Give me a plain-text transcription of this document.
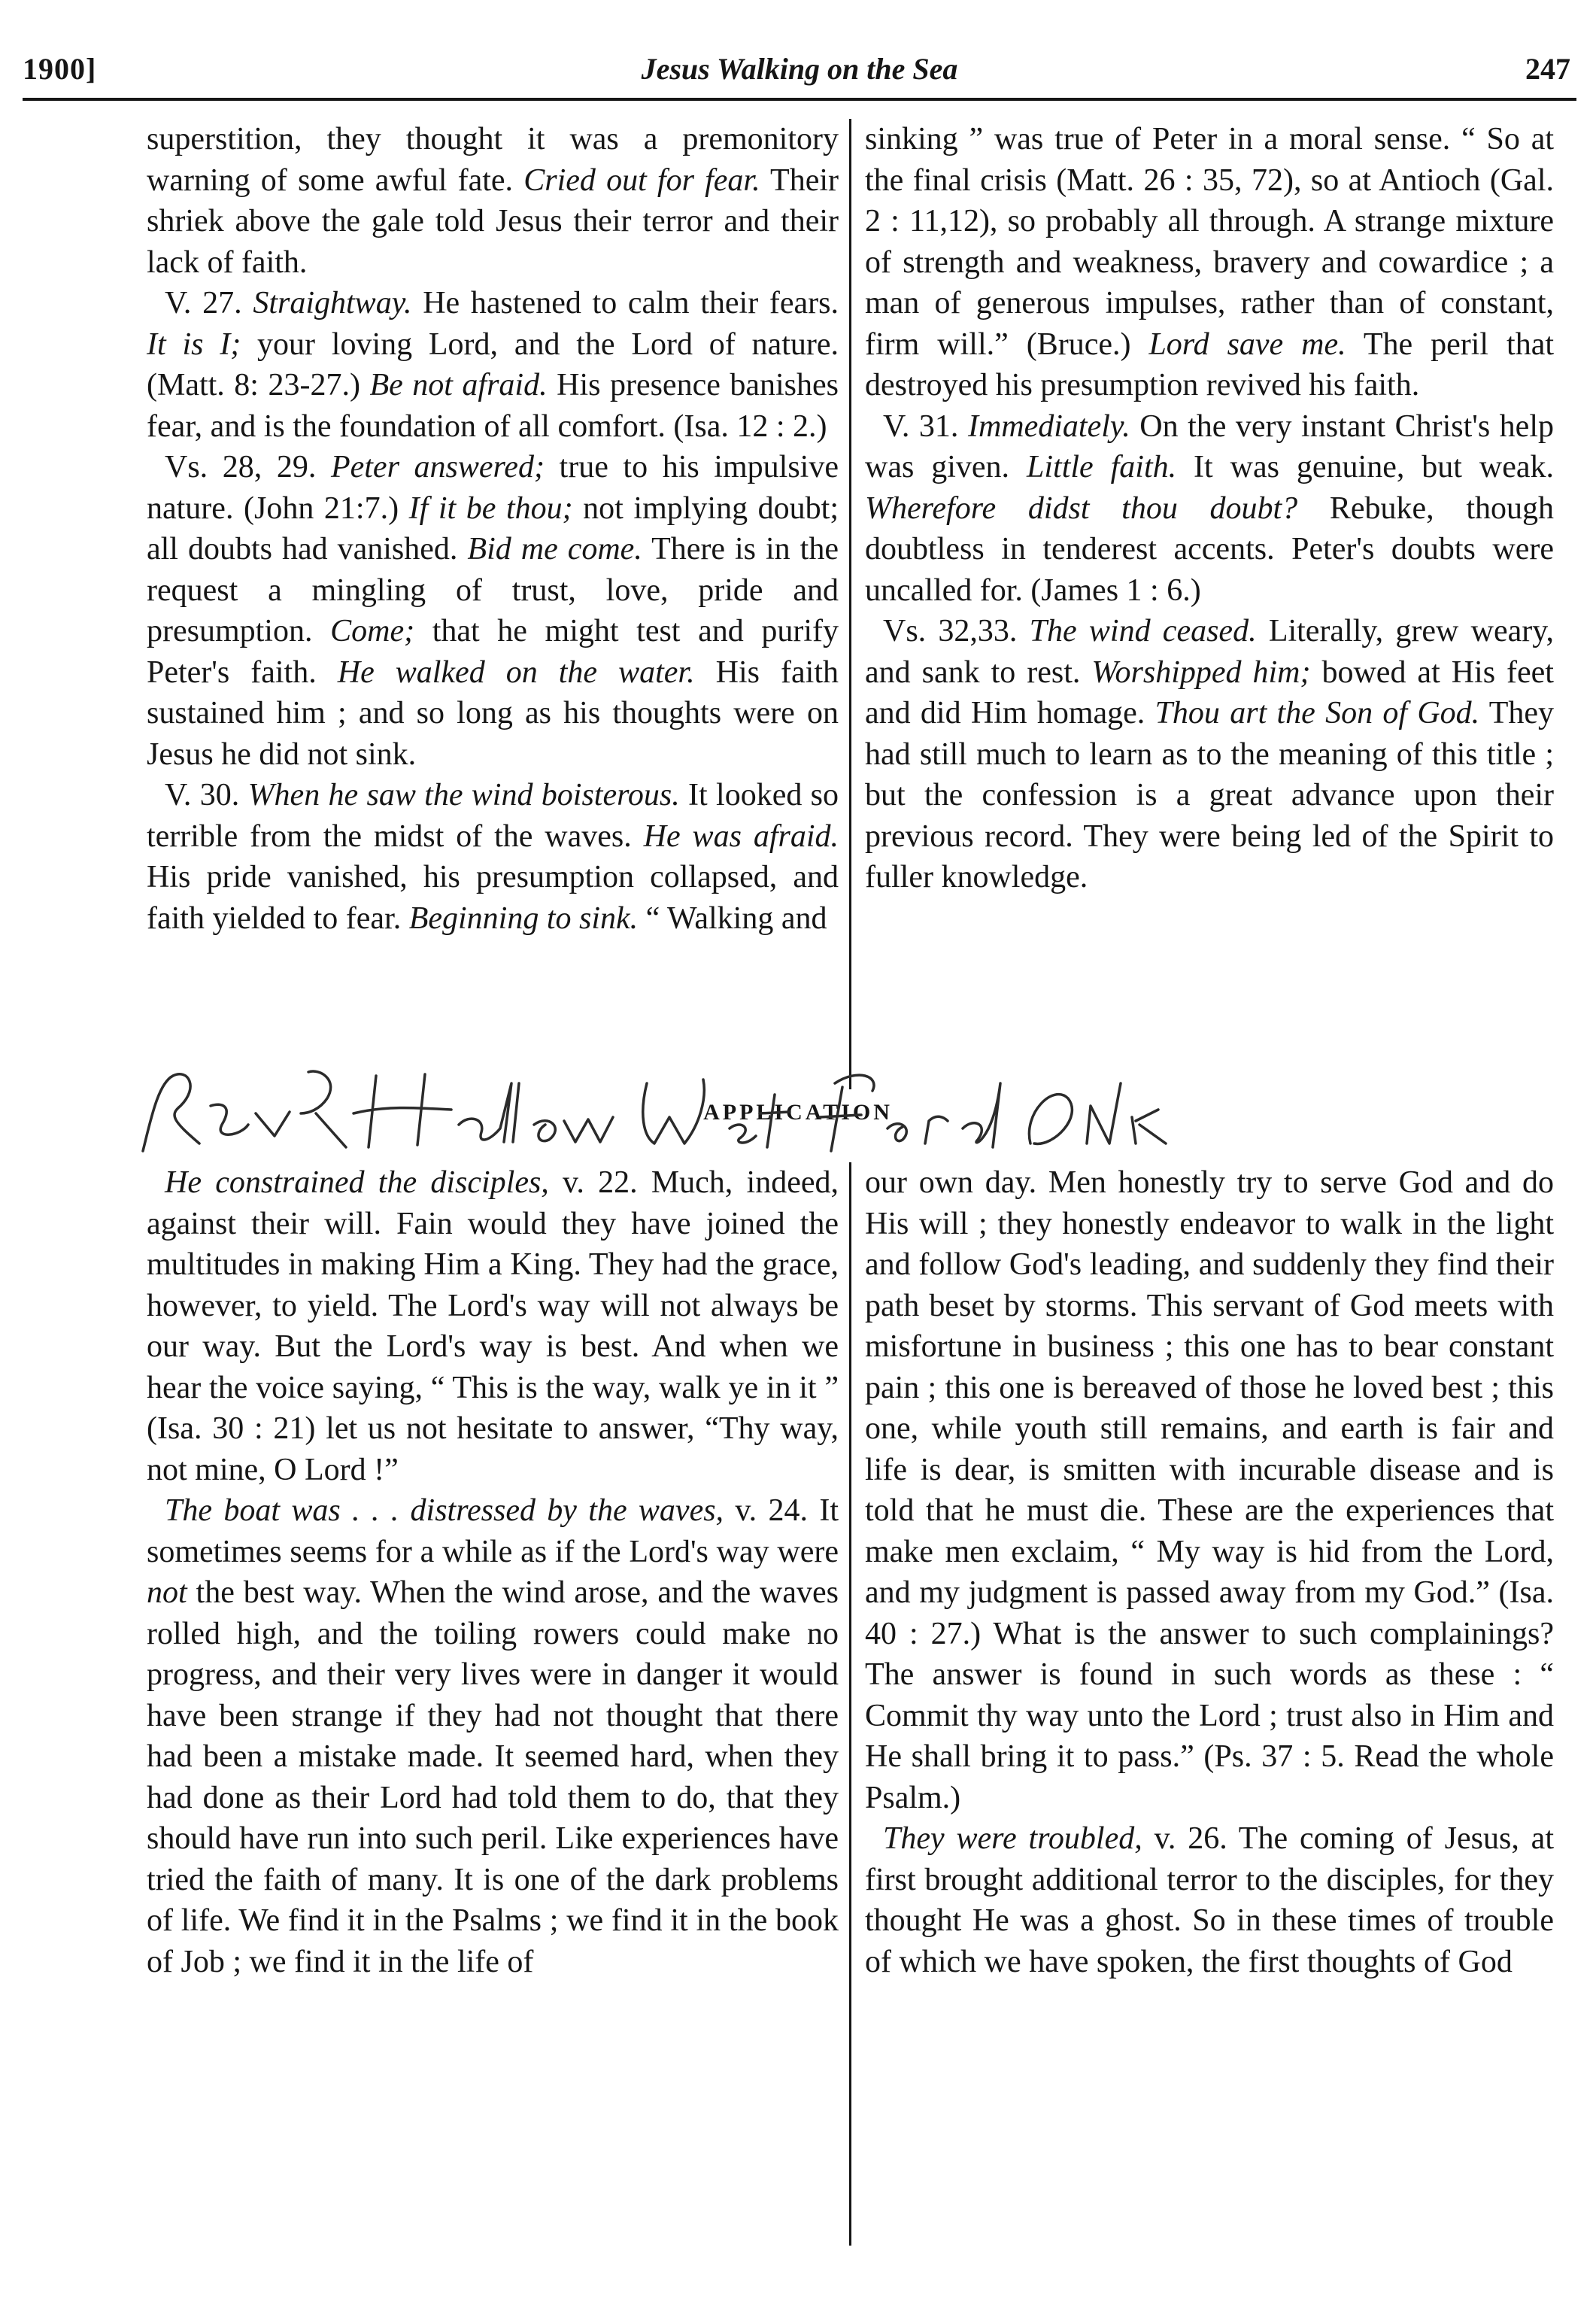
1900]	Jesus Walking on the Sea	247

superstition, they thought it was a premonitory warning of some awful fate. Cried out for fear. Their shriek above the gale told Jesus their terror and their lack of faith.

V. 27. Straightway. He hastened to calm their fears. It is I; your loving Lord, and the Lord of nature. (Matt. 8: 23-27.) Be not afraid. His presence banishes fear, and is the foundation of all comfort. (Isa. 12 : 2.)

Vs. 28, 29. Peter answered; true to his impulsive nature. (John 21:7.) If it be thou; not implying doubt; all doubts had vanished. Bid me come. There is in the request a mingling of trust, love, pride and presumption. Come; that he might test and purify Peter's faith. He walked on the water. His faith sustained him ; and so long as his thoughts were on Jesus he did not sink.

V. 30. When he saw the wind boisterous. It looked so terrible from the midst of the waves. He was afraid. His pride vanished, his presumption collapsed, and faith yielded to fear. Beginning to sink. “ Walking and

sinking ” was true of Peter in a moral sense. “ So at the final crisis (Matt. 26 : 35, 72), so at Antioch (Gal. 2 : 11,12), so probably all through. A strange mixture of strength and weakness, bravery and cowardice ; a man of generous impulses, rather than of constant, firm will.” (Bruce.) Lord save me. The peril that destroyed his presumption revived his faith.

V. 31. Immediately. On the very instant Christ's help was given. Little faith. It was genuine, but weak. Wherefore didst thou doubt? Rebuke, though doubtless in tenderest accents. Peter's doubts were uncalled for. (James 1 : 6.)

Vs. 32,33. The wind ceased. Literally, grew weary, and sank to rest. Worshipped him; bowed at His feet and did Him homage. Thou art the Son of God. They had still much to learn as to the meaning of this title ; but the confession is a great advance upon their previous record. They were being led of the Spirit to fuller knowledge.

APPLICATION

He constrained the disciples, v. 22. Much, indeed, against their will. Fain would they have joined the multitudes in making Him a King. They had the grace, however, to yield. The Lord's way will not always be our way. But the Lord's way is best. And when we hear the voice saying, “ This is the way, walk ye in it ” (Isa. 30 : 21) let us not hesitate to answer, “Thy way, not mine, O Lord !”

The boat was . . . distressed by the waves, v. 24. It sometimes seems for a while as if the Lord's way were not the best way. When the wind arose, and the waves rolled high, and the toiling rowers could make no progress, and their very lives were in danger it would have been strange if they had not thought that there had been a mistake made. It seemed hard, when they had done as their Lord had told them to do, that they should have run into such peril. Like experiences have tried the faith of many. It is one of the dark problems of life. We find it in the Psalms ; we find it in the book of Job ; we find it in the life of

our own day. Men honestly try to serve God and do His will ; they honestly endeavor to walk in the light and follow God's leading, and suddenly they find their path beset by storms. This servant of God meets with misfortune in business ; this one has to bear constant pain ; this one is bereaved of those he loved best ; this one, while youth still remains, and earth is fair and life is dear, is smitten with incurable disease and is told that he must die. These are the experiences that make men exclaim, “ My way is hid from the Lord, and my judgment is passed away from my God.” (Isa. 40 : 27.) What is the answer to such complainings? The answer is found in such words as these : “ Commit thy way unto the Lord ; trust also in Him and He shall bring it to pass.” (Ps. 37 : 5. Read the whole Psalm.)

They were troubled, v. 26. The coming of Jesus, at first brought additional terror to the disciples, for they thought He was a ghost. So in these times of trouble of which we have spoken, the first thoughts of God
